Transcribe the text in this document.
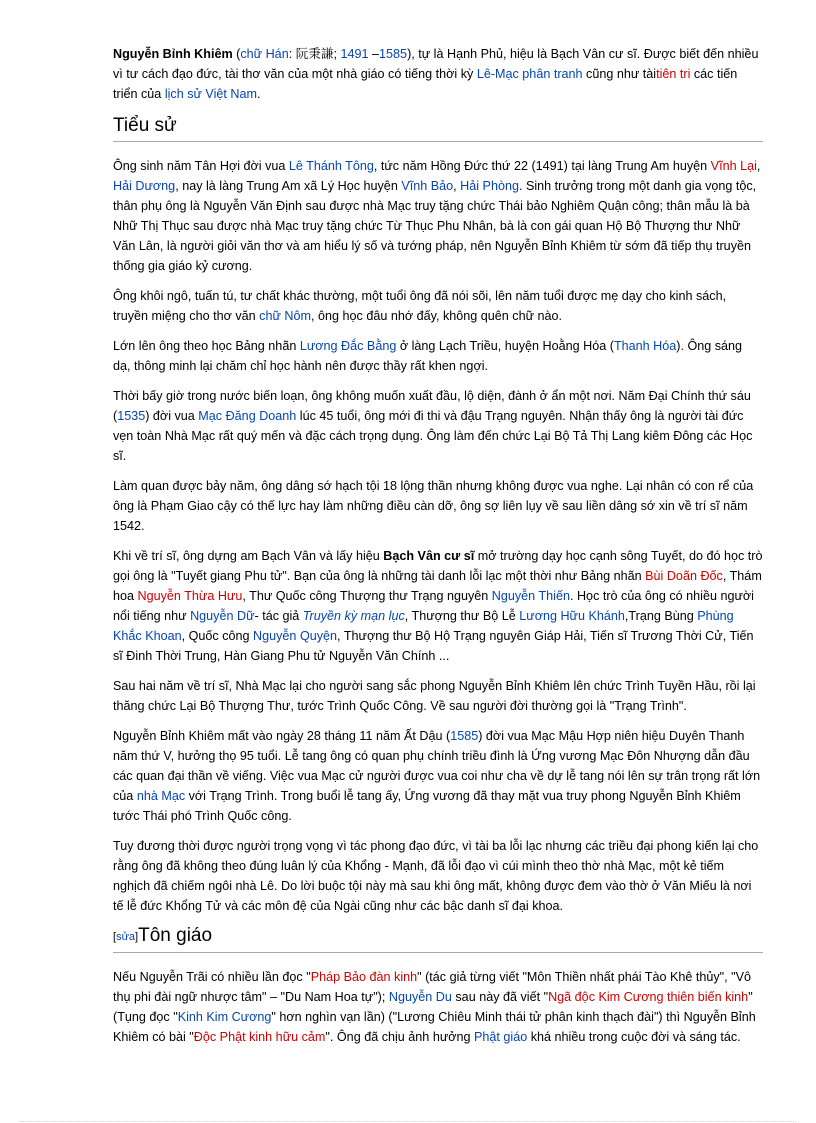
Nguyễn Bỉnh Khiêm (chữ Hán: 阮秉謙; 1491 –1585), tự là Hạnh Phủ, hiệu là Bạch Vân cư sĩ. Được biết đến nhiều vì tư cách đạo đức, tài thơ văn của một nhà giáo có tiếng thời kỳ Lê-Mạc phân tranh cũng như tàitiên tri các tiến triển của lịch sử Việt Nam.

Tiểu sử

Ông sinh năm Tân Hợi đời vua Lê Thánh Tông, tức năm Hồng Đức thứ 22 (1491) tại làng Trung Am huyện Vĩnh Lại, Hải Dương, nay là làng Trung Am xã Lý Học huyện Vĩnh Bảo, Hải Phòng. Sinh trưởng trong một danh gia vọng tộc, thân phụ ông là Nguyễn Văn Định sau được nhà Mạc truy tặng chức Thái bảo Nghiêm Quận công; thân mẫu là bà Nhữ Thị Thục sau được nhà Mạc truy tặng chức Từ Thục Phu Nhân, bà là con gái quan Hộ Bộ Thượng thư Nhữ Văn Lân, là người giỏi văn thơ và am hiểu lý số và tướng pháp, nên Nguyễn Bỉnh Khiêm từ sớm đã tiếp thụ truyền thống gia giáo kỷ cương.

Ông khôi ngô, tuấn tú, tư chất khác thường, một tuổi ông đã nói sõi, lên năm tuổi được mẹ dạy cho kinh sách, truyền miệng cho thơ văn chữ Nôm, ông học đâu nhớ đấy, không quên chữ nào.

Lớn lên ông theo học Bảng nhãn Lương Đắc Bằng ở làng Lạch Triều, huyện Hoằng Hóa (Thanh Hóa). Ông sáng dạ, thông minh lại chăm chỉ học hành nên được thầy rất khen ngợi.

Thời bấy giờ trong nước biến loạn, ông không muốn xuất đầu, lộ diện, đành ở ẩn một nơi. Năm Đại Chính thứ sáu (1535) đời vua Mạc Đăng Doanh lúc 45 tuổi, ông mới đi thi và đậu Trạng nguyên. Nhận thấy ông là người tài đức vẹn toàn Nhà Mạc rất quý mến và đặc cách trọng dụng. Ông làm đến chức Lại Bộ Tả Thị Lang kiêm Đông các Học sĩ.

Làm quan được bảy năm, ông dâng sớ hạch tội 18 lộng thần nhưng không được vua nghe. Lại nhân có con rể của ông là Phạm Giao cậy có thế lực hay làm những điều càn dỡ, ông sợ liên lụy về sau liền dâng sớ xin về trí sĩ năm 1542.

Khi về trí sĩ, ông dựng am Bạch Vân và lấy hiệu Bạch Vân cư sĩ mở trường dạy học cạnh sông Tuyết, do đó học trò gọi ông là "Tuyết giang Phu tử". Bạn của ông là những tài danh lỗi lạc một thời như Bảng nhãn Bùi Doãn Đốc, Thám hoa Nguyễn Thừa Hưu, Thư Quốc công Thượng thư Trạng nguyên Nguyễn Thiến. Học trò của ông có nhiều người nổi tiếng như Nguyễn Dữ- tác giả Truyền kỳ mạn lục, Thượng thư Bộ Lễ Lương Hữu Khánh,Trạng Bùng Phùng Khắc Khoan, Quốc công Nguyễn Quyện, Thượng thư Bộ Hộ Trạng nguyên Giáp Hải, Tiến sĩ Trương Thời Cử, Tiến sĩ Đinh Thời Trung, Hàn Giang Phu tử Nguyễn Văn Chính ...

Sau hai năm về trí sĩ, Nhà Mạc lại cho người sang sắc phong Nguyễn Bỉnh Khiêm lên chức Trình Tuyền Hầu, rồi lại thăng chức Lại Bộ Thượng Thư, tước Trình Quốc Công. Về sau người đời thường gọi là "Trạng Trình".

Nguyễn Bỉnh Khiêm mất vào ngày 28 tháng 11 năm Ất Dậu (1585) đời vua Mạc Mậu Hợp niên hiệu Duyên Thanh năm thứ V, hưởng thọ 95 tuổi. Lễ tang ông có quan phụ chính triều đình là Ứng vương Mạc Đôn Nhượng dẫn đầu các quan đại thần về viếng. Việc vua Mạc cử người được vua coi như cha về dự lễ tang nói lên sự trân trọng rất lớn của nhà Mạc với Trạng Trình. Trong buổi lễ tang ấy, Ứng vương đã thay mặt vua truy phong Nguyễn Bỉnh Khiêm tước Thái phó Trình Quốc công.

Tuy đương thời được người trọng vọng vì tác phong đạo đức, vì tài ba lỗi lạc nhưng các triều đại phong kiến lại cho rằng ông đã không theo đúng luân lý của Khổng - Mạnh, đã lỗi đạo vì cúi mình theo thờ nhà Mạc, một kẻ tiếm nghịch đã chiếm ngôi nhà Lê. Do lời buộc tội này mà sau khi ông mất, không được đem vào thờ ở Văn Miếu là nơi tế lễ đức Khổng Tử và các môn đệ của Ngài cũng như các bậc danh sĩ đại khoa.

[sửa]Tôn giáo

Nếu Nguyễn Trãi có nhiều lần đọc "Pháp Bảo đàn kinh" (tác giả từng viết "Môn Thiền nhất phái Tào Khê thủy", "Vô thụ phi đài ngữ nhược tâm" – "Du Nam Hoa tự"); Nguyễn Du sau này đã viết "Ngã độc Kim Cương thiên biến kinh" (Tụng đọc "Kinh Kim Cương" hơn nghìn vạn lần) ("Lương Chiêu Minh thái tử phân kinh thạch đài") thì Nguyễn Bỉnh Khiêm có bài "Độc Phật kinh hữu cảm". Ông đã chịu ảnh hưởng Phật giáo khá nhiều trong cuộc đời và sáng tác.
